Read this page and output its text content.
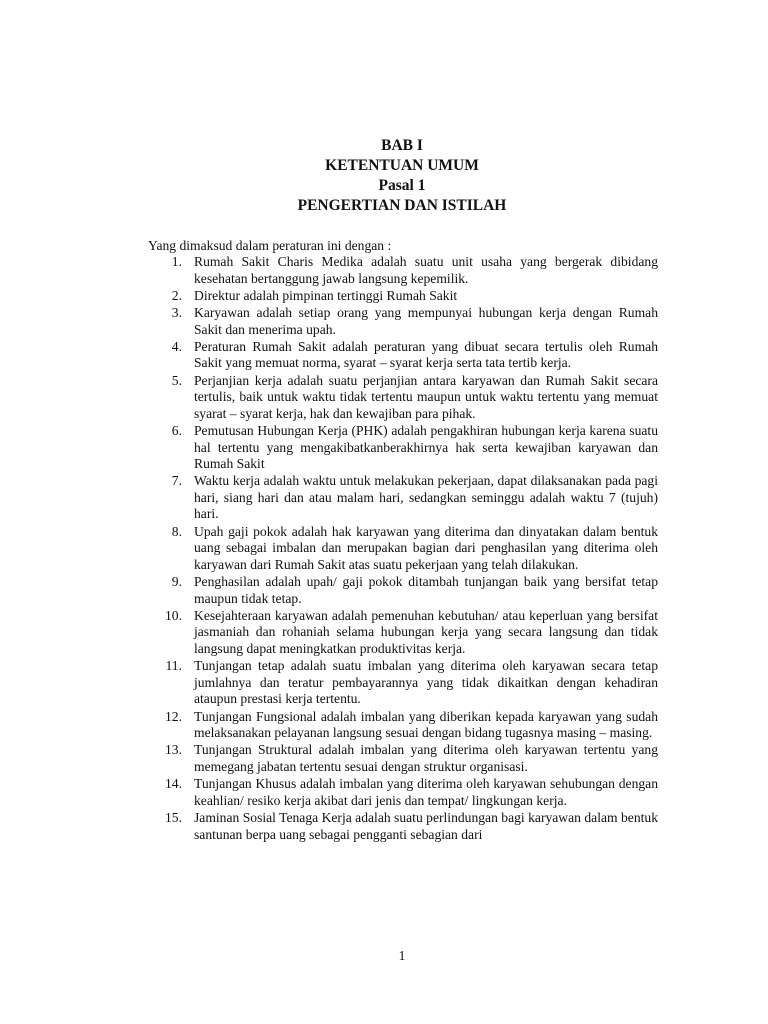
BAB I
KETENTUAN UMUM
Pasal 1
PENGERTIAN DAN ISTILAH

Yang dimaksud dalam peraturan ini dengan :

1. Rumah Sakit Charis Medika adalah suatu unit usaha yang bergerak dibidang kesehatan bertanggung jawab langsung kepemilik.
2. Direktur adalah pimpinan tertinggi Rumah Sakit
3. Karyawan adalah setiap orang yang mempunyai hubungan kerja dengan Rumah Sakit dan menerima upah.
4. Peraturan Rumah Sakit adalah peraturan yang dibuat secara tertulis oleh Rumah Sakit yang memuat norma, syarat – syarat kerja serta tata tertib kerja.
5. Perjanjian kerja adalah suatu perjanjian antara karyawan dan Rumah Sakit secara tertulis, baik untuk waktu tidak tertentu maupun untuk waktu tertentu yang memuat syarat – syarat kerja, hak dan kewajiban para pihak.
6. Pemutusan Hubungan Kerja (PHK) adalah pengakhiran hubungan kerja karena suatu hal tertentu yang mengakibatkanberakhirnya hak serta kewajiban karyawan dan Rumah Sakit
7. Waktu kerja adalah waktu untuk melakukan pekerjaan, dapat dilaksanakan pada pagi hari, siang hari dan atau malam hari, sedangkan seminggu adalah waktu 7 (tujuh) hari.
8. Upah gaji pokok adalah hak karyawan yang diterima dan dinyatakan dalam bentuk uang sebagai imbalan dan merupakan bagian dari penghasilan yang diterima oleh karyawan dari Rumah Sakit atas suatu pekerjaan yang telah dilakukan.
9. Penghasilan adalah upah/ gaji pokok ditambah tunjangan baik yang bersifat tetap maupun tidak tetap.
10. Kesejahteraan karyawan adalah pemenuhan kebutuhan/ atau keperluan yang bersifat jasmaniah dan rohaniah selama hubungan kerja yang secara langsung dan tidak langsung dapat meningkatkan produktivitas kerja.
11. Tunjangan tetap adalah suatu imbalan yang diterima oleh karyawan secara tetap jumlahnya dan teratur pembayarannya yang tidak dikaitkan dengan kehadiran ataupun prestasi kerja tertentu.
12. Tunjangan Fungsional adalah imbalan yang diberikan kepada karyawan yang sudah melaksanakan pelayanan langsung sesuai dengan bidang tugasnya masing – masing.
13. Tunjangan Struktural adalah imbalan yang diterima oleh karyawan tertentu yang memegang jabatan tertentu sesuai dengan struktur organisasi.
14. Tunjangan Khusus adalah imbalan yang diterima oleh karyawan sehubungan dengan keahlian/ resiko kerja akibat dari jenis dan tempat/ lingkungan kerja.
15. Jaminan Sosial Tenaga Kerja adalah suatu perlindungan bagi karyawan dalam bentuk santunan berpa uang sebagai pengganti sebagian dari
1
